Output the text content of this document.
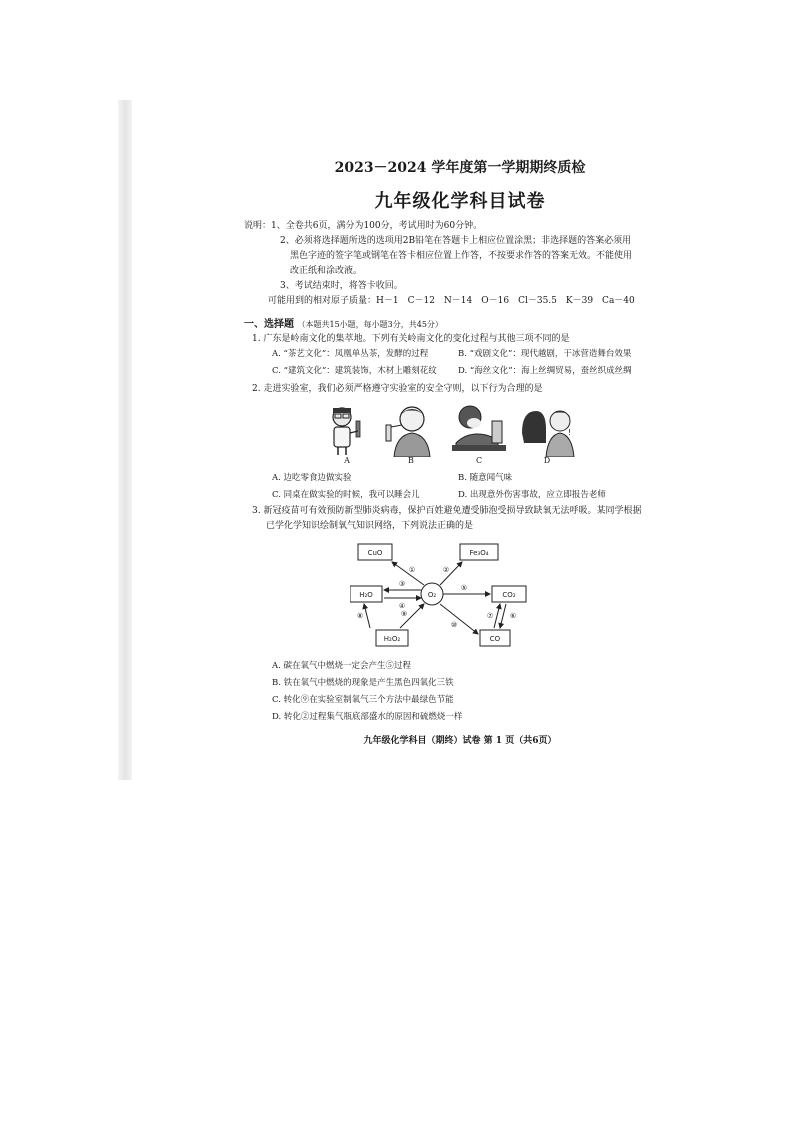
2023－2024 学年度第一学期期终质检
九年级化学科目试卷
说明：1、全卷共6页，满分为100分，考试用时为60分钟。
2、必须将选择题所选的选项用2B铅笔在答题卡上相应位置涂黑；非选择题的答案必须用
黑色字迹的签字笔或钢笔在答卡相应位置上作答，不按要求作答的答案无效。不能使用
改正纸和涂改液。
3、考试结束时，将答卡收回。
可能用到的相对原子质量：H－1　C－12　N－14　O－16　Cl－35.5　K－39　Ca－40
一、选择题 （本题共15小题，每小题3分，共45分）
1. 广东是岭南文化的集萃地。下列有关岭南文化的变化过程与其他三项不同的是
A. “茶艺文化”：凤凰单丛茶，发酵的过程	B. “戏剧文化”：现代越剧，干冰营造舞台效果
C. “建筑文化”：建筑装饰，木材上雕刻花纹 D. “海丝文化”：海上丝绸贸易，蚕丝织成丝绸
2. 走进实验室，我们必须严格遵守实验室的安全守则，以下行为合理的是
!
A	B	C	D
A. 边吃零食边做实验	B. 随意闻气味
C. 同桌在做实验的时候，我可以睡会儿	D. 出现意外伤害事故，应立即报告老师
3. 新冠疫苗可有效预防新型肺炎病毒，保护百姓避免遭受肺泡受损导致缺氧无法呼吸。某同学根据
已学化学知识绘制氧气知识网络，下列说法正确的是
CuO	Fe₃O₄
H₂O	CO₂
H₂O₂	CO
O₂
①	②
③
④
⑤
⑥
⑦
⑧	⑨
⑩
A. 碳在氧气中燃烧一定会产生⑤过程
B. 铁在氧气中燃烧的现象是产生黑色四氧化三铁
C. 转化⑨在实验室制氧气三个方法中最绿色节能
D. 转化②过程集气瓶底部盛水的原因和硫燃烧一样
九年级化学科目（期终）试卷 第 1 页（共6页）
